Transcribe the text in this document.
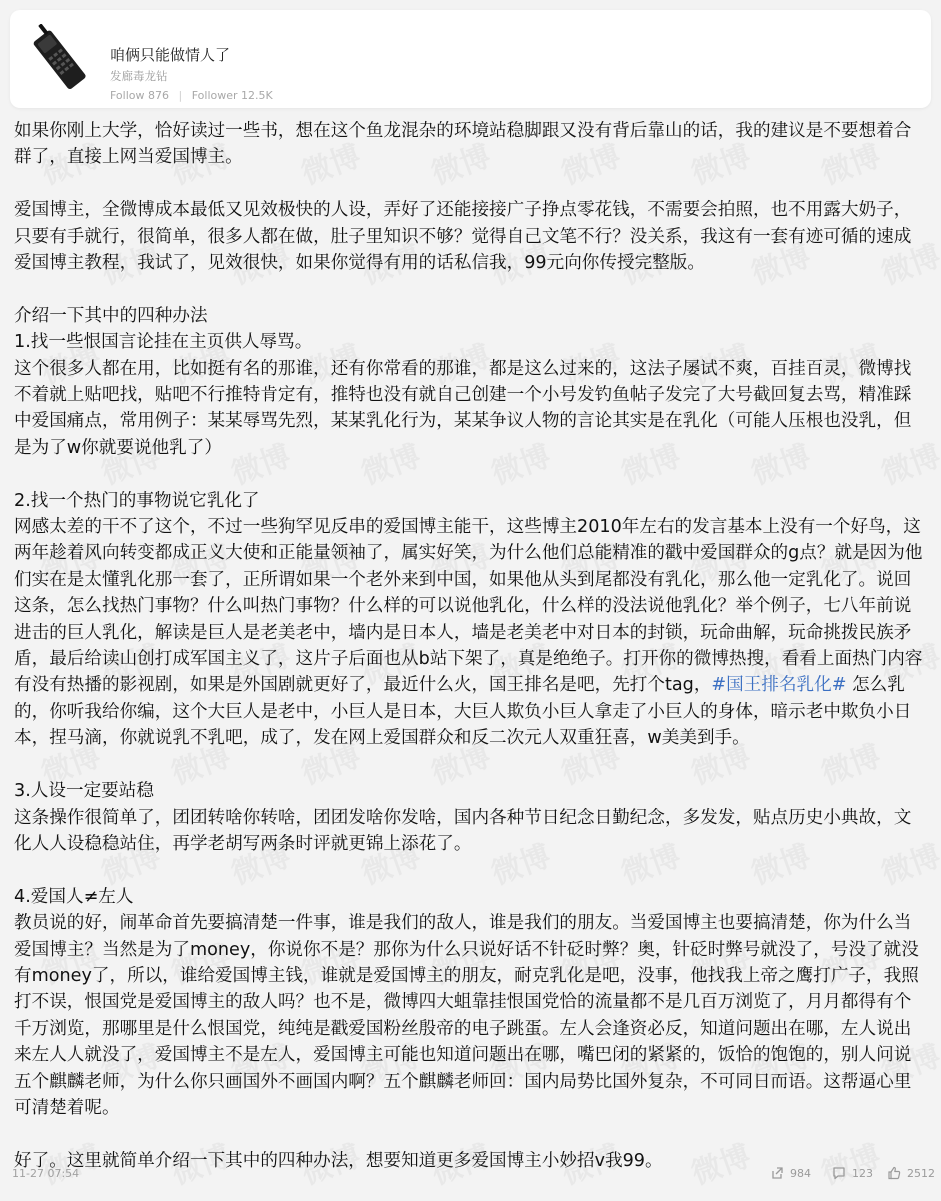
咱俩只能做情人了
发廊毒龙钻
Follow 876 | Follower 12.5K
如果你刚上大学，恰好读过一些书，想在这个鱼龙混杂的环境站稳脚跟又没有背后靠山的话，我的建议是不要想着合群了，直接上网当爱国博主。
爱国博主，全微博成本最低又见效极快的人设，弄好了还能接接广子挣点零花钱，不需要会拍照，也不用露大奶子，只要有手就行，很简单，很多人都在做，肚子里知识不够？觉得自己文笔不行？没关系，我这有一套有迹可循的速成爱国博主教程，我试了，见效很快，如果你觉得有用的话私信我，99元向你传授完整版。
介绍一下其中的四种办法
1.找一些恨国言论挂在主页供人辱骂。
这个很多人都在用，比如挺有名的那谁，还有你常看的那谁，都是这么过来的，这法子屡试不爽，百挂百灵，微博找不着就上贴吧找，贴吧不行推特肯定有，推特也没有就自己创建一个小号发钓鱼帖子发完了大号截回复去骂，精准踩中爱国痛点，常用例子：某某辱骂先烈，某某乳化行为，某某争议人物的言论其实是在乳化（可能人压根也没乳，但是为了w你就要说他乳了）
2.找一个热门的事物说它乳化了
网感太差的干不了这个，不过一些狗罕见反串的爱国博主能干，这些博主2010年左右的发言基本上没有一个好鸟，这两年趁着风向转变都成正义大使和正能量领袖了，属实好笑，为什么他们总能精准的戳中爱国群众的g点？就是因为他们实在是太懂乳化那一套了，正所谓如果一个老外来到中国，如果他从头到尾都没有乳化，那么他一定乳化了。说回这条，怎么找热门事物？什么叫热门事物？什么样的可以说他乳化，什么样的没法说他乳化？举个例子，七八年前说进击的巨人乳化，解读是巨人是老美老中，墙内是日本人，墙是老美老中对日本的封锁，玩命曲解，玩命挑拨民族矛盾，最后给读山创打成军国主义了，这片子后面也从b站下架了，真是绝绝子。打开你的微博热搜，看看上面热门内容有没有热播的影视剧，如果是外国剧就更好了，最近什么火，国王排名是吧，先打个tag，#国王排名乳化# 怎么乳的，你听我给你编，这个大巨人是老中，小巨人是日本，大巨人欺负小巨人拿走了小巨人的身体，暗示老中欺负小日本，捏马滴，你就说乳不乳吧，成了，发在网上爱国群众和反二次元人双重狂喜，w美美到手。
3.人设一定要站稳
这条操作很简单了，团团转啥你转啥，团团发啥你发啥，国内各种节日纪念日勤纪念，多发发，贴点历史小典故，文化人人设稳稳站住，再学老胡写两条时评就更锦上添花了。
4.爱国人≠左人
教员说的好，闹革命首先要搞清楚一件事，谁是我们的敌人，谁是我们的朋友。当爱国博主也要搞清楚，你为什么当爱国博主？当然是为了money，你说你不是？那你为什么只说好话不针砭时弊？奥，针砭时弊号就没了，号没了就没有money了，所以，谁给爱国博主钱，谁就是爱国博主的朋友，耐克乳化是吧，没事，他找我上帝之鹰打广子，我照打不误，恨国党是爱国博主的敌人吗？也不是，微博四大蛆靠挂恨国党恰的流量都不是几百万浏览了，月月都得有个千万浏览，那哪里是什么恨国党，纯纯是戳爱国粉丝殷帝的电子跳蛋。左人会逢资必反，知道问题出在哪，左人说出来左人人就没了，爱国博主不是左人，爱国博主可能也知道问题出在哪，嘴巴闭的紧紧的，饭恰的饱饱的，别人问说五个麒麟老师，为什么你只画国外不画国内啊？五个麒麟老师回：国内局势比国外复杂，不可同日而语。这帮逼心里可清楚着呢。
好了。这里就简单介绍一下其中的四种办法，想要知道更多爱国博主小妙招v我99。
11-27 07:54	984	123	2512
